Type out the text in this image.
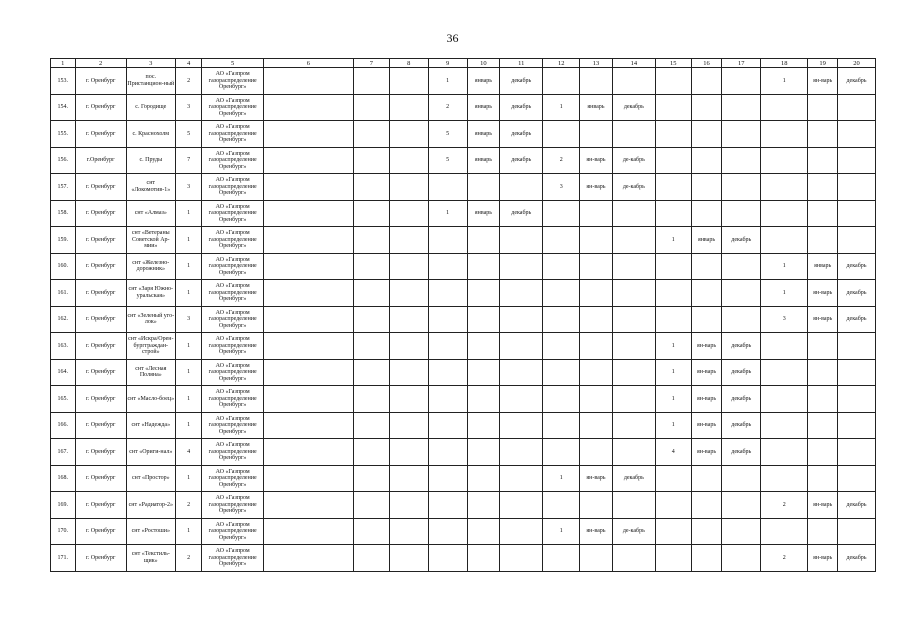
36
1	2	3	4	5	6	7	8	9	10	11	12	13	14	15	16	17	18	19	20
153.	г. Оренбург	пос. Пристанцион-ный	2	АО «Газпром газораспределение Оренбург»				1	январь	декабрь							1	ян-варь	декабрь
154.	г. Оренбург	с. Городище	3	АО «Газпром газораспределение Оренбург»				2	январь	декабрь	1	январь	декабрь						
155.	г. Оренбург	с. Краснохолм	5	АО «Газпром газораспределение Оренбург»				5	январь	декабрь									
156.	г.Оренбург	с. Пруды	7	АО «Газпром газораспределение Оренбург»				5	январь	декабрь	2	ян-варь	де-кабрь						
157.	г. Оренбург	снт «Локомотив-1»	3	АО «Газпром газораспределение Оренбург»							3	ян-варь	де-кабрь						
158.	г. Оренбург	снт «Алмаз»	1	АО «Газпром газораспределение Оренбург»				1	январь	декабрь									
159.	г. Оренбург	снт «Ветераны Советской Ар-мии»	1	АО «Газпром газораспределение Оренбург»										1	январь	декабрь			
160.	г. Оренбург	снт «Железно-дорожник»	1	АО «Газпром газораспределение Оренбург»													1	январь	декабрь
161.	г. Оренбург	снт «Заря Южно-уральская»	1	АО «Газпром газораспределение Оренбург»													1	ян-варь	декабрь
162.	г. Оренбург	снт «Зеленый уго-лок»	3	АО «Газпром газораспределение Оренбург»													3	ян-варь	декабрь
163.	г. Оренбург	снт «Искра/Орен-бургграждан-строй»	1	АО «Газпром газораспределение Оренбург»										1	ян-варь	декабрь			
164.	г. Оренбург	снт «Лесная Поляна»	1	АО «Газпром газораспределение Оренбург»										1	ян-варь	декабрь			
165.	г. Оренбург	снт «Масло-боец»	1	АО «Газпром газораспределение Оренбург»										1	ян-варь	декабрь			
166.	г. Оренбург	снт «Надежда»	1	АО «Газпром газораспределение Оренбург»										1	ян-варь	декабрь			
167.	г. Оренбург	снт «Ориги-нал»	4	АО «Газпром газораспределение Оренбург»										4	ян-варь	декабрь			
168.	г. Оренбург	снт «Простор»	1	АО «Газпром газораспределение Оренбург»							1	ян-варь	декабрь						
169.	г. Оренбург	снт «Радиатор-2»	2	АО «Газпром газораспределение Оренбург»													2	ян-варь	декабрь
170.	г. Оренбург	снт «Ростоши»	1	АО «Газпром газораспределение Оренбург»							1	ян-варь	де-кабрь						
171.	г. Оренбург	снт «Текстиль-щик»	2	АО «Газпром газораспределение Оренбург»													2	ян-варь	декабрь
